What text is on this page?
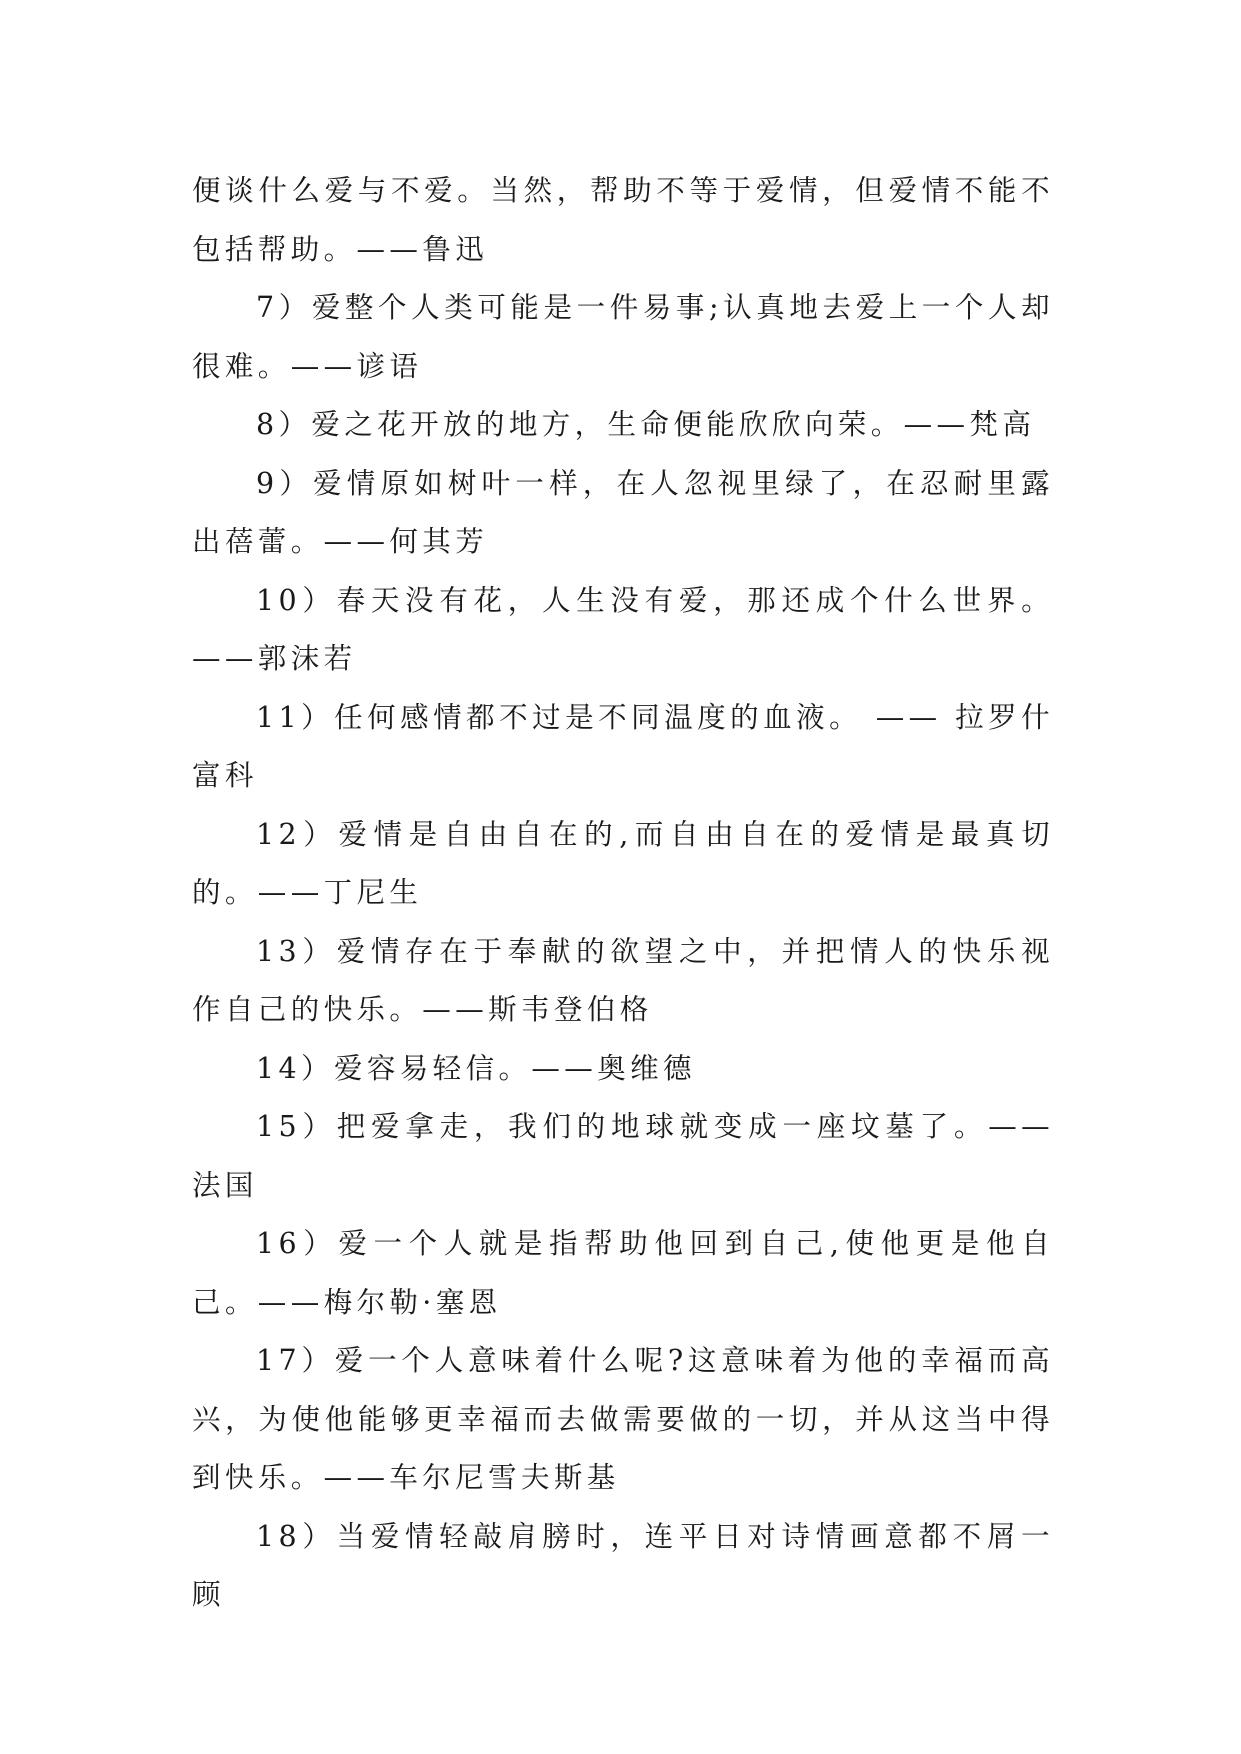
便谈什么爱与不爱。当然，帮助不等于爱情，但爱情不能不包括帮助。——鲁迅

7）爱整个人类可能是一件易事;认真地去爱上一个人却很难。——谚语

8）爱之花开放的地方，生命便能欣欣向荣。——梵高

9）爱情原如树叶一样，在人忽视里绿了，在忍耐里露出蓓蕾。——何其芳

10）春天没有花，人生没有爱，那还成个什么世界。——郭沫若

11）任何感情都不过是不同温度的血液。 —— 拉罗什富科

12）爱情是自由自在的,而自由自在的爱情是最真切的。——丁尼生

13）爱情存在于奉献的欲望之中，并把情人的快乐视作自己的快乐。——斯韦登伯格

14）爱容易轻信。——奥维德

15）把爱拿走，我们的地球就变成一座坟墓了。——法国

16）爱一个人就是指帮助他回到自己,使他更是他自己。——梅尔勒·塞恩

17）爱一个人意味着什么呢?这意味着为他的幸福而高兴，为使他能够更幸福而去做需要做的一切，并从这当中得到快乐。——车尔尼雪夫斯基

18）当爱情轻敲肩膀时，连平日对诗情画意都不屑一顾
